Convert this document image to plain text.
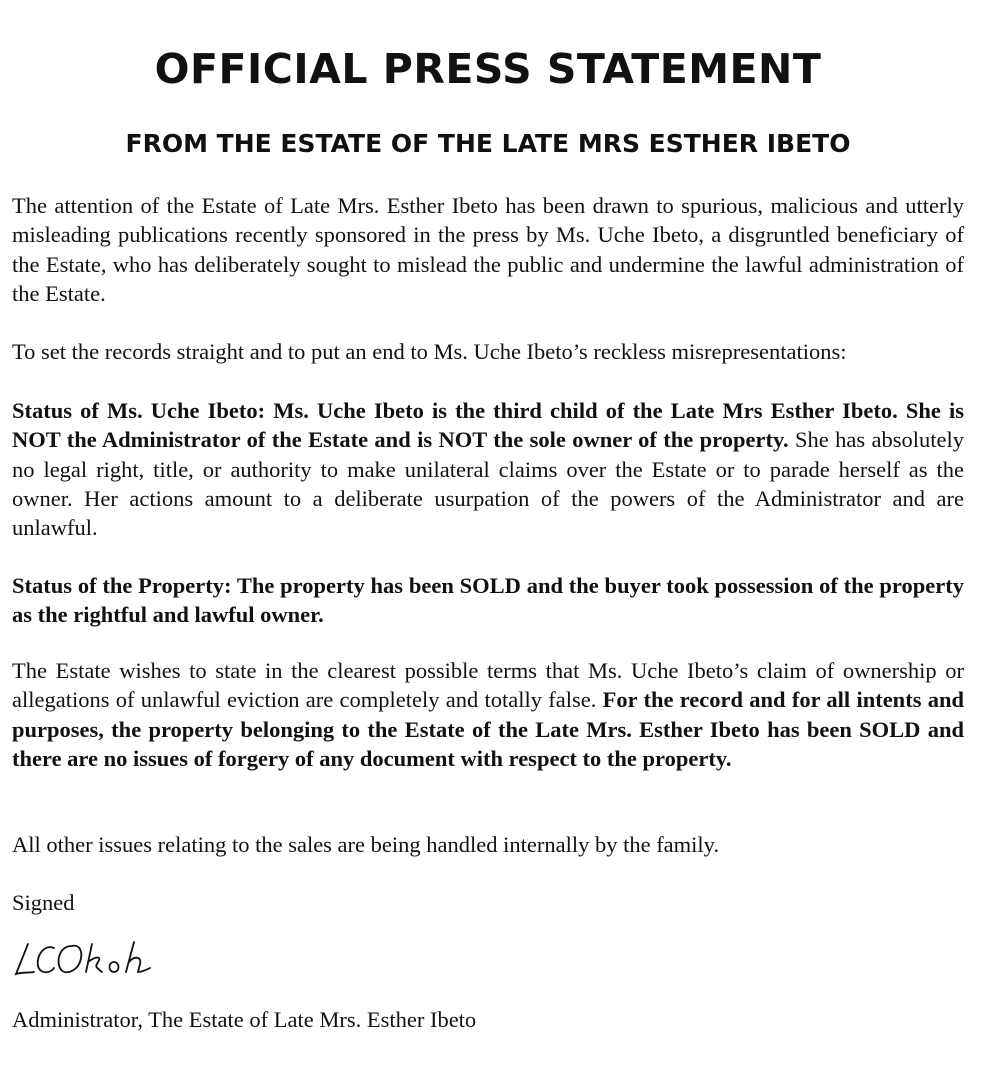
OFFICIAL PRESS STATEMENT
FROM THE ESTATE OF THE LATE MRS ESTHER IBETO

The attention of the Estate of Late Mrs. Esther Ibeto has been drawn to spurious, malicious and utterly misleading publications recently sponsored in the press by Ms. Uche Ibeto, a disgruntled beneficiary of the Estate, who has deliberately sought to mislead the public and undermine the lawful administration of the Estate.

To set the records straight and to put an end to Ms. Uche Ibeto’s reckless misrepresentations:

Status of Ms. Uche Ibeto: Ms. Uche Ibeto is the third child of the Late Mrs Esther Ibeto. She is NOT the Administrator of the Estate and is NOT the sole owner of the property. She has absolutely no legal right, title, or authority to make unilateral claims over the Estate or to parade herself as the owner. Her actions amount to a deliberate usurpation of the powers of the Administrator and are unlawful.

Status of the Property: The property has been SOLD and the buyer took possession of the property as the rightful and lawful owner.

The Estate wishes to state in the clearest possible terms that Ms. Uche Ibeto’s claim of ownership or allegations of unlawful eviction are completely and totally false. For the record and for all intents and purposes, the property belonging to the Estate of the Late Mrs. Esther Ibeto has been SOLD and there are no issues of forgery of any document with respect to the property.

All other issues relating to the sales are being handled internally by the family.

Signed

Administrator, The Estate of Late Mrs. Esther Ibeto
